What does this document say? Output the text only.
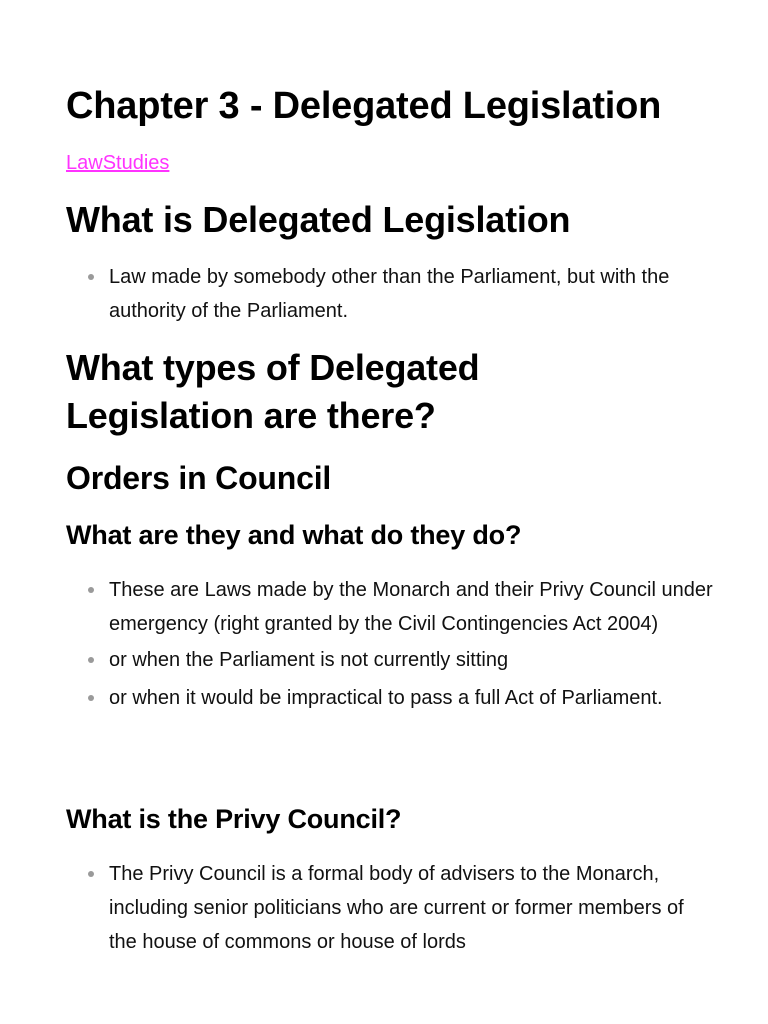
Chapter 3 - Delegated Legislation
LawStudies
What is Delegated Legislation
Law made by somebody other than the Parliament, but with the authority of the Parliament.
What types of Delegated Legislation are there?
Orders in Council
What are they and what do they do?
These are Laws made by the Monarch and their Privy Council under emergency (right granted by the Civil Contingencies Act 2004)
or when the Parliament is not currently sitting
or when it would be impractical to pass a full Act of Parliament.
What is the Privy Council?
The Privy Council is a formal body of advisers to the Monarch, including senior politicians who are current or former members of the house of commons or house of lords
